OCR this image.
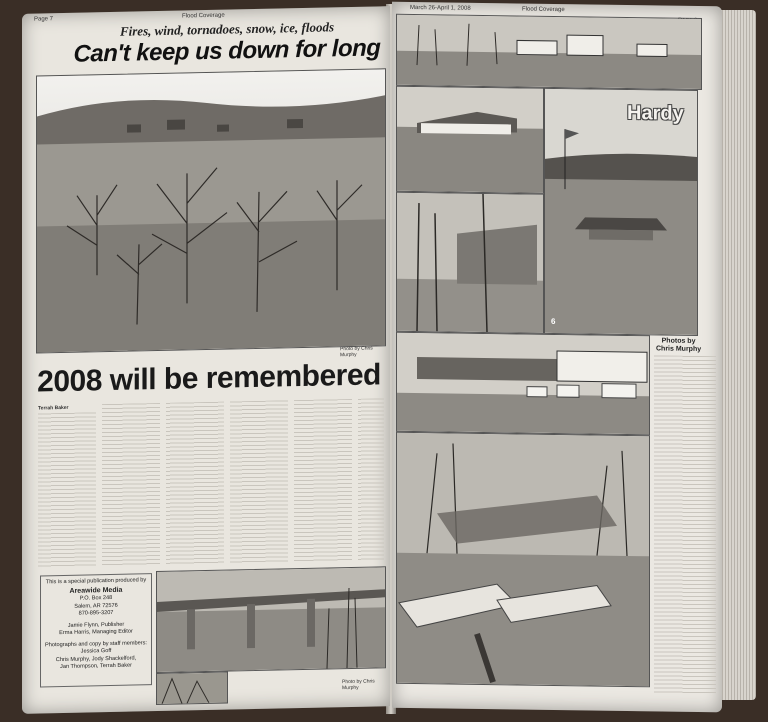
Page 7	Flood Coverage
Fires, wind, tornadoes, snow, ice, floods
Can't keep us down for long
Photo by Chris Murphy
2008 will be remembered
Terrah Baker
This is a special publication produced by
Areawide Media
P.O. Box 248
Salem, AR 72576
870-895-3207
Jamie Flynn, Publisher
Erma Harris, Managing Editor
Photographs and copy by staff members:
Jessica Goff
Chris Murphy, Jody Shackelford,
Jan Thompson, Terrah Baker
Photo by Chris Murphy
March 26-April 1, 2008	Flood Coverage
Hardy
6
Photos by
Chris Murphy
